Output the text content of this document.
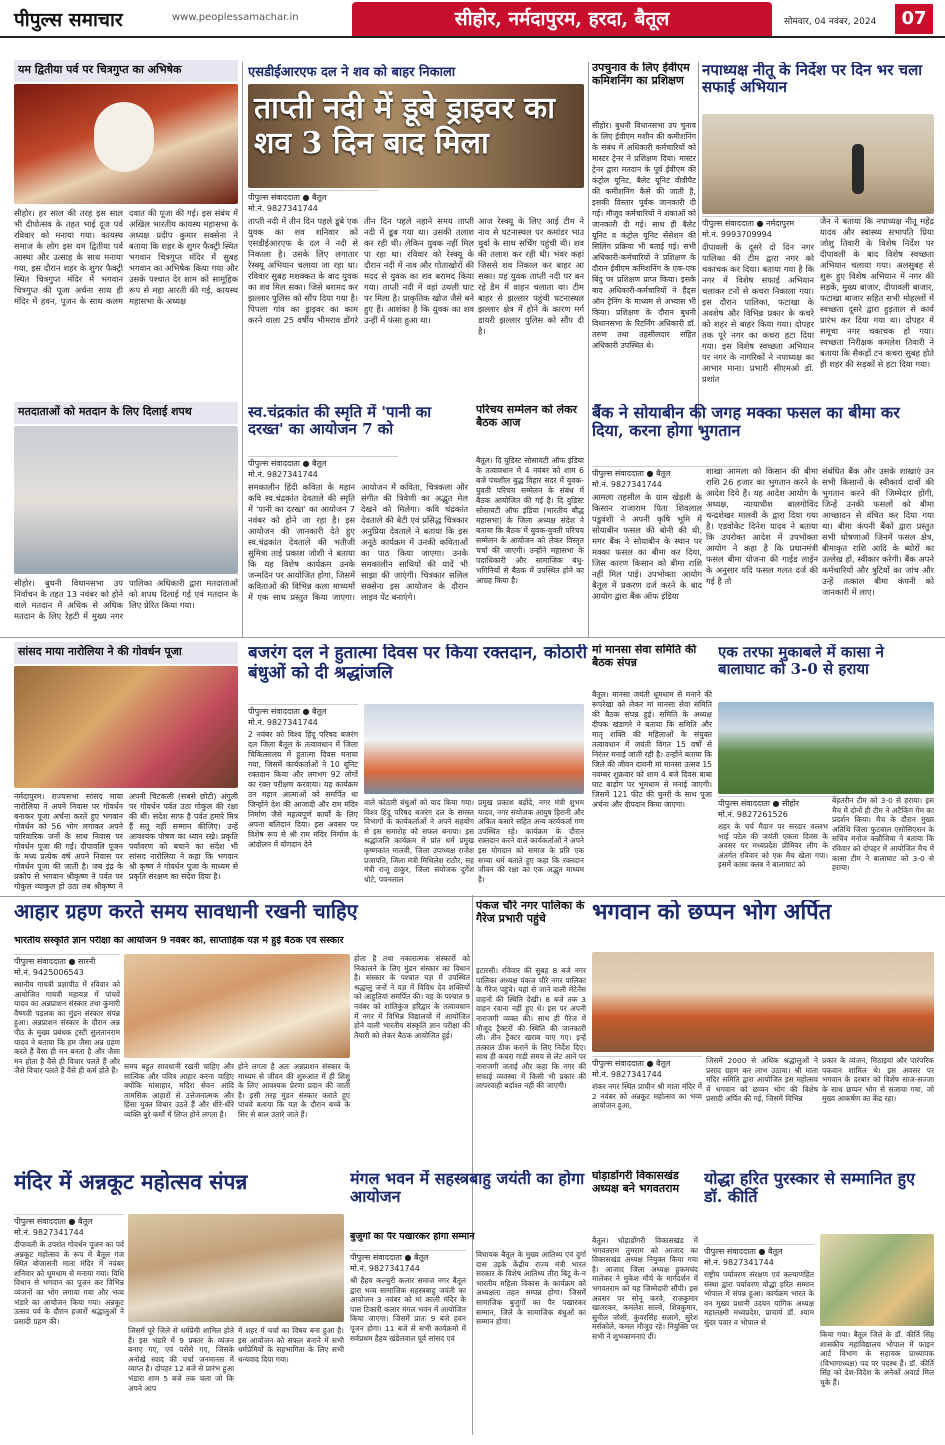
पीपुल्स समाचार	www.peoplessamachar.in	सीहोर, नर्मदापुरम, हरदा, बैतूल	सोमवार, 04 नवंबर, 2024	07
यम द्वितीया पर्व पर चित्रगुप्त का अभिषेक
सीहोर। हर साल की तरह इस साल भी दीपोत्सव के तहत भाई दूज पर्व रविवार को मनाया गया। कायस्थ समाज के लोग इस यम द्वितीया पर्व आस्था और उत्साह के साथ मनाया गया, इस दौरान शहर के शुगर फैक्ट्री स्थित चित्रगुप्त मंदिर में भगवान चित्रगुप्त की पूजा अर्चना साथ ही मंदिर में हवन, पूजन के साथ कलम दवात की पूजा की गई। इस संबंध में अखिल भारतीय कायस्थ महासभा के अध्यक्ष प्रदीप कुमार सक्सेना ने बताया कि शहर के शुगर फैक्ट्री स्थित भगवान चित्रगुप्त मंदिर में सुबह भगवान का अभिषेक किया गया और उसके पश्चात देर शाम को सामूहिक रूप से महा आरती की गई, कायस्थ महासभा के अध्यक्ष
एसडीईआरएफ दल ने शव को बाहर निकाला
ताप्ती नदी में डूबे ड्राइवर का शव 3 दिन बाद मिला
पीपुल्स संवाददाता ● बैतूल
मो.नं. 9827341744
ताप्ती नदी में तीन दिन पहले डूबे एक युवक का शव शनिवार को एसडीईआरएफ के दल ने नदी से निकाला है। उसके लिए लगातार रेस्क्यू अभियान चलाया जा रहा था। रविवार सुबह मशक्कत के बाद युवक का शव मिल सका। जिसे बरामद कर झल्लार पुलिस को सौंप दिया गया है। पिपला गांव का ड्राइवर का काम करने वाला 25 वर्षीय भीमराव डोंगरे तीन दिन पहले नहाने समय ताप्ती नदी में डूब गया था। उसकी तलाश कर रही थी। लेकिन युवक नहीं मिल पा रहा था। रविवार को रेस्क्यू के दौरान नदी में नाव और गोताखोरों की मदद से युवक का शव बरामद किया गया। ताप्ती नदी में वहां उथली घाट पर मिला है। प्राकृतिक खोज जैसे बने हुए हैं। आशंका है कि युवक का शव उन्हीं में फंसा हुआ था।
आज रेस्क्यू के लिए आई टीम ने नाव से घटनास्थल पर कमांडर भाउ धुर्वा के साथ सर्चिंग पहुंची थी। शव की तलाश कर रही थी। भंवर कहां जिससे शव निकाल कर बाहर आ सका। यह युवक ताप्ती नदी पर बन रहे डैम में वाहन चलाता था। टीम बाहर से झल्लार पहुंची घटनास्थल झल्लार क्षेत्र में होने के कारण मर्ग डायरी झल्लार पुलिस को सौंप दी है।
उपचुनाव के लिए ईवीएम कमिशनिंग का प्रशिक्षण
सीहोर। बुधनी विधानसभा उप चुनाव के लिए ईवीएम मशीन की कमीशनिंग के संबंध में अधिकारी कर्मचारियों को मास्टर ट्रेनर ने प्रशिक्षण दिया। मास्टर ट्रेनर द्वारा मतदान के पूर्व ईवीएम की कंट्रोल यूनिट, बैलेट यूनिट वीवीपैट की कमीशनिंग कैसे की जाती है, इसकी विस्तार पूर्वक जानकारी दी गई। मौजूद कर्मचारियों ने शंकाओं को जानकारी दी गई। साथ ही बैलेट यूनिट व कंट्रोल यूनिट सेंसेशन की सिलिंग प्रक्रिया भी बताई गई। सभी अधिकारी-कर्मचारियों ने प्रशिक्षण के दौरान ईवीएम कमिशनिंग के एक-एक बिंदु पर प्रशिक्षण प्राप्त किया। इसके बाद अधिकारी-कर्मचारियों ने हैंड्स ऑन ट्रेनिंग के माध्यम से अभ्यास भी किया। प्रशिक्षण के दौरान बुधनी विधानसभा के रिटर्निंग अधिकारी डॉ. तरुण तथा तहसीलदार सहित अधिकारी उपस्थित थे।
नपाध्यक्ष नीतू के निर्देश पर दिन भर चला सफाई अभियान
पीपुल्स संवाददाता ● नर्मदापुरम
मो.नं. 9993709994
दीपावली के दूसरे दो दिन नगर पालिका की टीम द्वारा नगर को चकाचक कर दिया। बताया गया है कि नगर में विशेष सफाई अभियान चलाकर टनों से कचरा निकाला गया। इस दौरान पालिका, फटाखा के अवशेष और विभिन्न प्रकार के कचरे को शहर से बाहर किया गया। दोपहर तक पूरे नगर का कचरा हटा दिया गया। इस विशेष स्वच्छता अभियान पर नगर के नागरिकों ने नपाध्यक्ष का आभार माना। प्रभारी सीएमओ डॉ. प्रशांत
जैन ने बताया कि नपाध्यक्ष नीतू महेंद्र यादव और स्वास्थ्य सभापति प्रिया जोशु तिवारी के विशेष निर्देश पर दीपावली के बाद विशेष स्वच्छता अभियान चलाया गया। अलसुबह से शुरू हुए विशेष अभियान में नगर की सड़कें, मुख्य बाजार, दीपावली बाजार, फटाखा बाजार सहित सभी मोहल्लों में स्वच्छता दूसरे द्वारा हुड़ताल से कार्य प्रारंभ कर दिया गया था। दोपहर में समूचा नगर चकाचक हो गया। स्वच्छता निरीक्षक कमलेश तिवारी ने बताया कि सैकड़ों टन कचरा सुबह होते ही शहर की सड़कों से हटा दिया गया।
मतदाताओं को मतदान के लिए दिलाई शपथ
सीहोर। बुधनी विधानसभा उप निर्वाचन के तहत 13 नवंबर को होने वाले मतदान में अधिक से अधिक मतदान के लिए रेहटी में मुख्य नगर पालिका अधिकारी द्वारा मतदाताओं को शपथ दिलाई गई एवं मतदान के लिए प्रेरित किया गया।
स्व.चंद्रकांत की स्मृति में 'पानी का दरख्त' का आयोजन 7 को
पीपुल्स संवाददाता ● बैतूल
मो.नं. 9827341744
समकालीन हिंदी कविता के महान कवि स्व.चंद्रकांत देवताले की स्मृति में 'पानी का दरख्त' का आयोजन 7 नवंबर को होने जा रहा है। इस आयोजन की जानकारी देते हुए स्व.चंद्रकांत देवताले की भतीजी सुमित्रा ताई प्रकाश जोशी ने बताया कि यह विशेष कार्यक्रम उनके जन्मदिन पर आयोजित होगा, जिसमें कविताओं की विभिन्न कला माध्यमों में एक साथ प्रस्तुत किया जाएगा। आयोजन में कविता, चित्रकला और संगीत की त्रिवेणी का अद्भुत मेल देखने को मिलेगा। कवि चंद्रकांत देवताले की बेटी एवं प्रसिद्ध चित्रकार अनुप्रिया देवताले ने बताया कि इस अनूठे कार्यक्रम में उनकी कविताओं का पाठ किया जाएगा। उनके समकालीन साथियों की यादें भी साझा की जाएंगी। चित्रकार सलिल सक्सेना इस आयोजन के दौरान लाइव पेंट बनाएंगे।
परिचय सम्मेलन को लेकर बैठक आज
बैतूल। दि युडिस्ट सोसायटी ऑफ इंडिया के तत्वावधान में 4 नवंबर को शाम 6 बजे पंचशील बुद्ध विहार सदर में युवक-युवती परिचय सम्मेलन के संबंध में बैठक आयोजित की गई है। दि युडिस्ट सोसायटी ऑफ इंडिया (भारतीय बौद्ध महासभा) के जिला अध्यक्ष संदेश ने बताया कि बैठक में युवक-युवती परिचय सम्मेलन के आयोजन को लेकर विस्तृत चर्चा की जाएगी। उन्होंने महासभा के पदाधिकारी और सामाजिक बंधु-भगिनियों से बैठक में उपस्थित होने का आग्रह किया है।
बैंक ने सोयाबीन की जगह मक्का फसल का बीमा कर दिया, करना होगा भुगतान
पीपुल्स संवाददाता ● बैतूल
मो.नं. 9827341744
आमला तहसील के ग्राम खेड़ली के किसान राजाराम पिता शिवलाल पडुवंशी ने अपनी कृषि भूमि में सोयाबीन फसल की बोनी की थी, मगर बैंक ने सोयाबीन के स्थान पर मक्का फसल का बीमा कर दिया, जिस कारण किसान को बीमा राशि नहीं मिल पाई। उपभोक्ता आयोग बैतूल में प्रकरण दर्ज करने के बाद आयोग द्वारा बैंक ऑफ इंडिया
शाखा आमला को किसान की बीमा राशि 26 हजार का भुगतान करने के आदेश दिये हैं। यह आदेश आयोग के अध्यक्ष, न्यायाधीश बालगोविंद चन्द्रशेखर मालवी के द्वारा दिया गया है। एडवोकेट दिनेश यादव ने बताया कि उपरोक्त आदेश में उपभोक्ता आयोग ने कहा है कि प्रधानमंत्री फसल बीमा योजना की गाईड लाईन के अनुसार यदि फसल गलत दर्ज की गई है तो
संबंधित बैंक और उसके शाखाएं उन सभी किसानों के स्वीकार्य दावों की भुगतान करने की जिम्मेदार होंगी, जिन्हें उनकी फसलों को बीमा आच्छादन से वंचित कर दिया गया था। बीमा कंपनी बैंकों द्वारा प्रस्तुत सभी घोषणाओं जिनमें फसल क्षेत्र, बीमाकृत राशि आदि के ब्योरों का उल्लेख हो, स्वीकार करेगी। बैंक अपने कर्मचारियों और त्रुटियों का जांच और उन्हें तत्काल बीमा कंपनी को जानकारी में लाए।
सांसद माया नारोलिया ने की गोवर्धन पूजा
नर्मदापुरम। राज्यसभा सांसद माया नारोलिया ने अपने निवास पर गोवर्धन बनाकर पूजा अर्चना करते हुए भगवान गोवर्धन को 56 भोग लगाकर अपने पारिवारिक जनों के साथ निवास पर गोवर्धन पूजा की गई। दीपावलि पूजन के मध्य प्रत्येक वर्ष अपने निवास पर गोवर्धन पूजा की जाती है। जब इंद्र के प्रकोप से भगवान श्रीकृष्ण ने पर्वत पर गोकुल व्याकुल हो उठा तब श्रीकृष्ण ने अपनी चिटकली (सबसे छोटी) अंगुली पर गोवर्धन पर्वत उठा गोकुल की रक्षा की थी। संदेश साफ है पर्वत हमारे मित्र हैं सतू नहीं सम्मान कीजिए। उन्हें आवश्यक पोषण का ध्यान रखे। प्रकृति पर्यावरण को बचाने का संदेश भी सांसद नारोलिया ने कहा कि भगवान श्री कृष्ण ने गोवर्धन पूजा के माध्यम से प्रकृति संरक्षण का संदेश दिया है।
बजरंग दल ने हुतात्मा दिवस पर किया रक्तदान, कोठारी बंधुओं को दी श्रद्धांजलि
पीपुल्स संवाददाता ● बैतूल
मो.नं. 9827341744
2 नवंबर को विश्व हिंदू परिषद बजरंग दल जिला बैतूल के तत्वावधान में जिला चिकित्सालय में हुतात्मा दिवस मनाया गया, जिसमें कार्यकर्ताओं ने 10 यूनिट रक्तदान किया और लगभग 92 लोगों का रक्त परीक्षण करवाया। यह कार्यक्रम उन महान आत्माओं को समर्पित था जिन्होंने देश की आजादी और राम मंदिर निर्माण जैसे महत्वपूर्ण कार्यों के लिए अपना बलिदान दिया। इस अवसर पर विशेष रूप से श्री राम मंदिर निर्माण के आंदोलन में योगदान देने
वाले कोठारी बंधुओं को याद किया गया। विश्व हिंदू परिषद बजरंग दल के समस्त विभागों के कार्यकर्ताओं ने अपने सहयोग से इस समारोह को सफल बनाया। इस श्रद्धांजलि कार्यक्रम में प्रांत धर्म प्रमुख कृष्णकांत मालवी, जिला उपाध्यक्ष राजेश प्रजापति, जिला मंत्री मिथिलेश राठौर, सह मंत्री राजू ठाकुर, जिला संयोजक दुर्गेश धोटे, पवनलाल
प्रमुख प्रकाश बड़ोंदे, नगर मंत्री शुभम यादव, नगर संयोजक आयुष हिरानी और अंकित कसारे सहित अन्य कार्यकर्ता गण उपस्थित रहे। कार्यक्रम के दौरान रक्तदान करने वाले कार्यकर्ताओं ने अपने इस योगदान को समाज के प्रति एक सच्चा धर्म बताते हुए कहा कि रक्तदान जीवन की रक्षा का एक अद्भुत माध्यम है।
मां मानसा सेवा समिति की बैठक संपन्न
बैतूल। मानसा जयंती धूमधाम से मनाने की रूपरेखा को लेकर मां मानसा सेवा समिति की बैठक संपन्न हुई। समिति के अध्यक्ष दीपक खंडागरे ने बताया कि समिति और मातृ शक्ति की महिलाओं के संयुक्त तत्वावधान में जयंती विगत 15 वर्षों से निरंतर मनाई जाती रही है। उन्होंने बताया कि जिले की जीवन दायनी मां मानसा उत्सव 15 नवम्बर शुक्रवार को शाम 4 बजे दिवस बाबा घाट बाड़ोग पर भूमधाम से मनाई जाएगी। जिसमें 121 फीट की चुनरी के साथ पूजा अर्चना और दीपदान किया जाएगा।
एक तरफा मुकाबले में कासा ने बालाघाट को 3-0 से हराया
पीपुल्स संवाददाता ● सीहोर
मो.नं. 9827261526
शहर के चर्च मैदान पर सरदार वल्लभ भाई पटेल की जयंती एकता दिवस के अवसर पर मध्यप्रदेश प्रीमियर लीग के अंतर्गत रविवार को एक मैच खेला गया। इसमें कासा क्लब ने बालाघाट को
बेहतरीन टीम को 3-0 से हराया। इस मैच में दोनों ही टीम ने अटैकिंग गेम का प्रदर्शन किया। मैच के दौरान मुख्य अतिथि जिला फुटबाल एसोसिएशन के सचिव मनोज कन्नौजिया ने बताया कि रविवार को दोपहर में आयोजित मैच में कासा टीम ने बालाघाट को 3-0 से हराया।
आहार ग्रहण करते समय सावधानी रखनी चाहिए
भारतीय संस्कृति ज्ञान परीक्षा का आयोजन 9 नवंबर को, साप्ताहिक यज्ञ में हुई बैठक एवं संस्कार
पीपुल्स संवाददाता ● सारनी
मो.नं. 9425006543
स्थानीय गायत्री प्रज्ञापीठ में रविवार को आयोजित गायत्री महायज्ञ में पांचवें यादव का अन्नप्राशन संस्कार तथा कुमारी वैष्णवी पड़लक का मुंडन संस्कार संपन्न हुआ। अन्नप्राशन संस्कार के दौरान अन्न पीठ के मुख्य प्रबंधक ट्रस्टी सुलतानराम यादव ने बताया कि हम जैसा अन्न ग्रहण करते हैं वैसा ही मन बनता है और जैसा मन होता है वैसे ही विचार पलते हैं और जैसे विचार पलते हैं वैसे ही कर्म होते हैं। समय बहुत सावधानी रखनी चाहिए और सात्विक और पवित्र आहार करना चाहिए क्योंकि मांसाहार, मदिरा सेवन आदि तामसिक आहारों से उत्तेजनात्मक और हिंसा युक्त विचार उठते हैं और धीरे-धीरे व्यक्ति बुरे कर्मों में लिप्त होने लगता है।
होने लगता है अतः अन्नप्राशन संस्कार के माध्यम से जीवन की शुरुआत में ही शिशु के लिए आवश्यक प्रेरणा प्रदान की जाती है। इसी तरह मुंडन संस्कार कराते हुए पांचवें बताया कि यज्ञ के दौरान बच्चे के सिर से बाल उतारे जाते हैं।
होता है तथा नकारात्मक संस्कारों को निकालने के लिए मुंडन संस्कार का विधान है। संस्कार के पश्चात यज्ञ में उपस्थित श्रद्धालु जनों ने यज्ञ में विविध देव शक्तियों को आहुतियां समर्पित की। यह के पश्चात 9 नवंबर को शांतिकुंज हरिद्वार के तत्वावधान में नगर में विभिन्न विद्यालयों में आयोजित होने वाली भारतीय संस्कृति ज्ञान परीक्षा की तैयारी को लेकर बैठक आयोजित हुई।
पंकज चौरे नगर पालिका के गैरेज प्रभारी पहुंचे
इटारसी। रविवार की सुबह 8 बजे नगर पालिका अध्यक्ष पंकज चौरे नगर पालिका के गैरेज पहुंचे। यहां से जाने वाली मेंटेनेंस वाहनों की स्थिति देखी। 8 बजे तक 3 वाहन रवाना नहीं हुए थे। इस पर अपनी नाराजगी व्यक्त की। साथ ही गैरेज में मौजूद ट्रैक्टरों की स्थिति की जानकारी ली। तीन ट्रैक्टर खराब पाए गए। इन्हें तत्काल ठीक कराने के लिए निर्देश दिए। साथ ही कचरा गाड़ी समय से लेट आने पर नाराजगी जताई और कहा कि नगर की सफाई व्यवस्था में किसी भी प्रकार की लापरवाही बर्दाश्त नहीं की जाएगी।
भगवान को छप्पन भोग अर्पित
पीपुल्स संवाददाता ● बैतूल
मो.नं. 9827341744
शंकर नगर स्थित प्राचीन श्री माता मंदिर में 2 नवंबर को अन्नकूट महोत्सव का भव्य आयोजन हुआ,
जिसमें 2000 से अधिक श्रद्धालुओं ने प्रसाद ग्रहण कर लाभ उठाया। श्री माता मंदिर समिति द्वारा आयोजित इस महोत्सव में भगवान को छप्पन भोग की विशेष प्रसादी अर्पित की गई, जिसमें विभिन्न
प्रकार के व्यंजन, मिठाइयां और पारंपरिक पकवान शामिल थे। इस अवसर पर भगवान के दरबार को विशेष साज-सज्जा के साथ छप्पन भोग से सजाया गया, जो मुख्य आकर्षण का केंद्र रहा।
मंदिर में अन्नकूट महोत्सव संपन्न
पीपुल्स संवाददाता ● बैतूल
मो.नं. 9827341744
दीपावली के उपरांत गोवर्धन पूजन का पर्व अन्नकूट महोत्सव के रूप में बैतूल गंज स्थित बोजासनी माता मंदिर में नवंबर शनिवार को धूमधाम से मनाया गया। विधि विधान से भगवान का पूजन कर विभिन्न व्यंजनों का भोग लगाया गया और भव्य भंडारे का आयोजन किया गया। अन्नकूट उत्सव पर्व के दौरान हजारों श्रद्धालुओं ने प्रसादी ग्रहण की।
जिसमें पूरे जिले से धर्मप्रेमी शामिल होते हैं। इस भंडारे में 9 प्रकार के व्यंजन बनाए गए, एवं परोसे गए, जिसके अनोखे स्वाद की चर्चा जनमानस में व्याप्त है। दोपहर 12 बजे से प्रारंभ हुआ भंडारा शाम 5 बजे तक चला जो कि अपने आप
में शहर में चर्चा का विषय बना हुआ है। इस आयोजन को सफल बनाने में सभी धर्मप्रेमियों के सहभागिता के लिए सभी धन्यवाद दिया गया।
मंगल भवन में सहस्त्रबाहु जयंती का होगा आयोजन
बुजुर्गों का पैर पखारकर होगा सम्मान
पीपुल्स संवाददाता ● बैतूल
मो.नं. 9827341744
श्री हैहय कल्चुरी कलार समाज नगर बैतूल द्वारा भव्य सामाजिक सहस्त्रबाहु जयंती का आयोजन 3 नवंबर को मां काली मंदिर के पास टिकारी कलार मंगल भवन में आयोजित किया जाएगा। जिसमें प्रातः 9 बजे हवन पूजन होगा। 11 बजे से सभी कार्यक्रमों में सर्वप्रथम हैहय खंडेलवाल पूर्व सांसद एवं
विधायक बैतूल के मुख्य आतिथ्य एवं दुर्गा दास उइके केंद्रीय राज्य मंत्री भारत सरकार के विशेष आतिथ्य तीरा बिटू के-न भारतीय महिला विकास के कार्यक्रम को अध्यक्षता तहत सम्पन्न होगा। जिसमें सामाजिक बुजुर्गों का पैर पखारकर सम्मान, जिले के सामाजिक बंधुओं का सम्मान होगा।
घोड़ाडोंगरी विकासखंड अध्यक्ष बने भगवतराम
बैतूल। घोड़ाडोंगरी विकासखंड में भगवतराम तुमराम को आजाद का विकासखंड अध्यक्ष नियुक्त किया गया है। आजाद जिला अध्यक्ष हुकमचंद मालेकर ने मुकेश मौर्य के मार्गदर्शन में भगवतराम को यह जिम्मेदारी सौंपी। इस अवसर पर सोनू करवे, राजकुमार खातरकर, कमलेश साल्वे, शिवकुमार, सुनील जोशी, कुंवरसिंह सलामे, सुरेश मर्सकोले, कमल मौजूद रहे। नियुक्ति पर सभी ने शुभकामनाएं दीं।
योद्धा हरित पुरस्कार से सम्मानित हुए डॉ. कीर्ति
पीपुल्स संवाददाता ● बैतूल
मो.नं. 9827341744
राष्ट्रीय पर्यावरण संरक्षण एवं कल्याणहित संस्था द्वारा पर्यावरण योद्धा हरित सम्मान भोपाल में संपन्न हुआ। कार्यक्रम भारत के वन मुख्य प्रधानी उदयन यागिक अध्यक्ष महालक्ष्मी मध्यप्रदेश, प्राचार्य डॉ. श्याम सुंदर पवार व भोपाल से
किया गया। बैतूल जिले के डॉ. कीर्ति सिंह शासकीय महाविद्यालय भोपाल में फाइन आर्ट विभाग के सहायक प्राध्यापक (विभागाध्यक्ष) पद पर पदस्थ हैं। डॉ. कीर्ति सिंह को देश-विदेश के अनेकों अवार्ड मिल चुके हैं।
